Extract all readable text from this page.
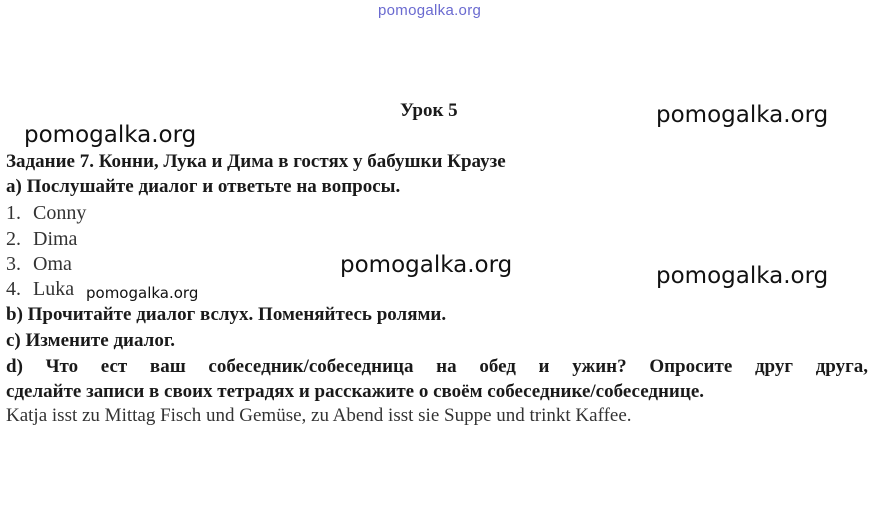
pomogalka.org
Урок 5
pomogalka.org
pomogalka.org
Задание 7. Конни, Лука и Дима в гостях у бабушки Краузе
a) Послушайте диалог и ответьте на вопросы.
1. Conny
2. Dima
3. Oma
4. Luka
pomogalka.org	pomogalka.org
b) Прочитайте диалог вслух. Поменяйтесь ролями.
pomogalka.org
c) Измените диалог.
d) Что ест ваш собеседник/собеседница на обед и ужин? Опросите друг друга,
сделайте записи в своих тетрадях и расскажите о своём собеседнике/собеседнице.
Katja isst zu Mittag Fisch und Gemüse, zu Abend isst sie Suppe und trinkt Kaffee.
